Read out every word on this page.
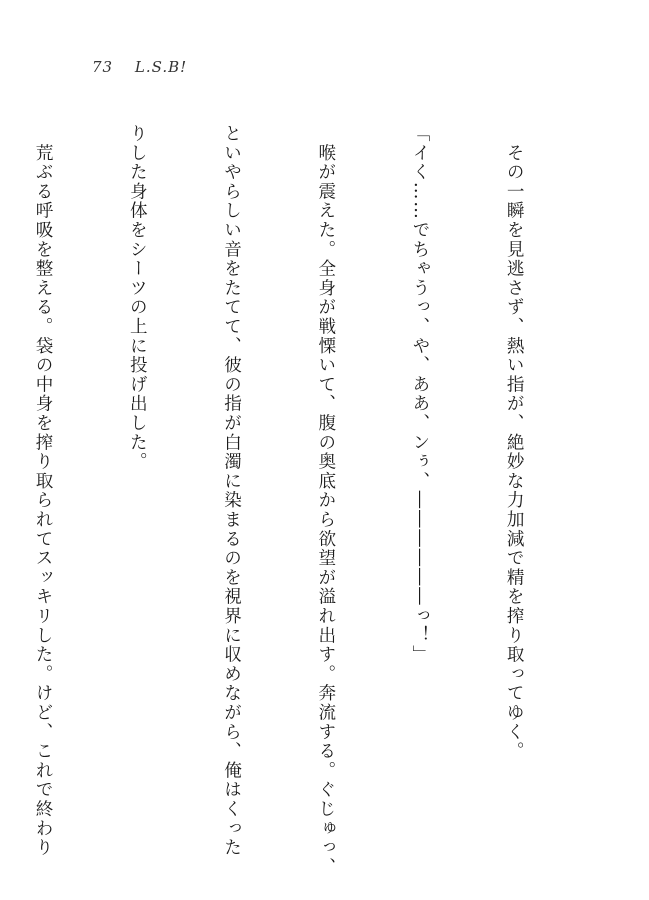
73 L.S.B!

　その一瞬を見逃さず、熱い指が、絶妙な力加減で精を搾り取ってゆく。

「イく……でちゃうっ、や、ああ、ンぅ、――――――っ！」

　喉が震えた。全身が戦慄いて、腹の奥底から欲望が溢れ出す。奔流する。ぐじゅっ、

といやらしい音をたてて、彼の指が白濁に染まるのを視界に収めながら、俺はくった

りした身体をシーツの上に投げ出した。

　荒ぶる呼吸を整える。袋の中身を搾り取られてスッキリした。けど、これで終わり
